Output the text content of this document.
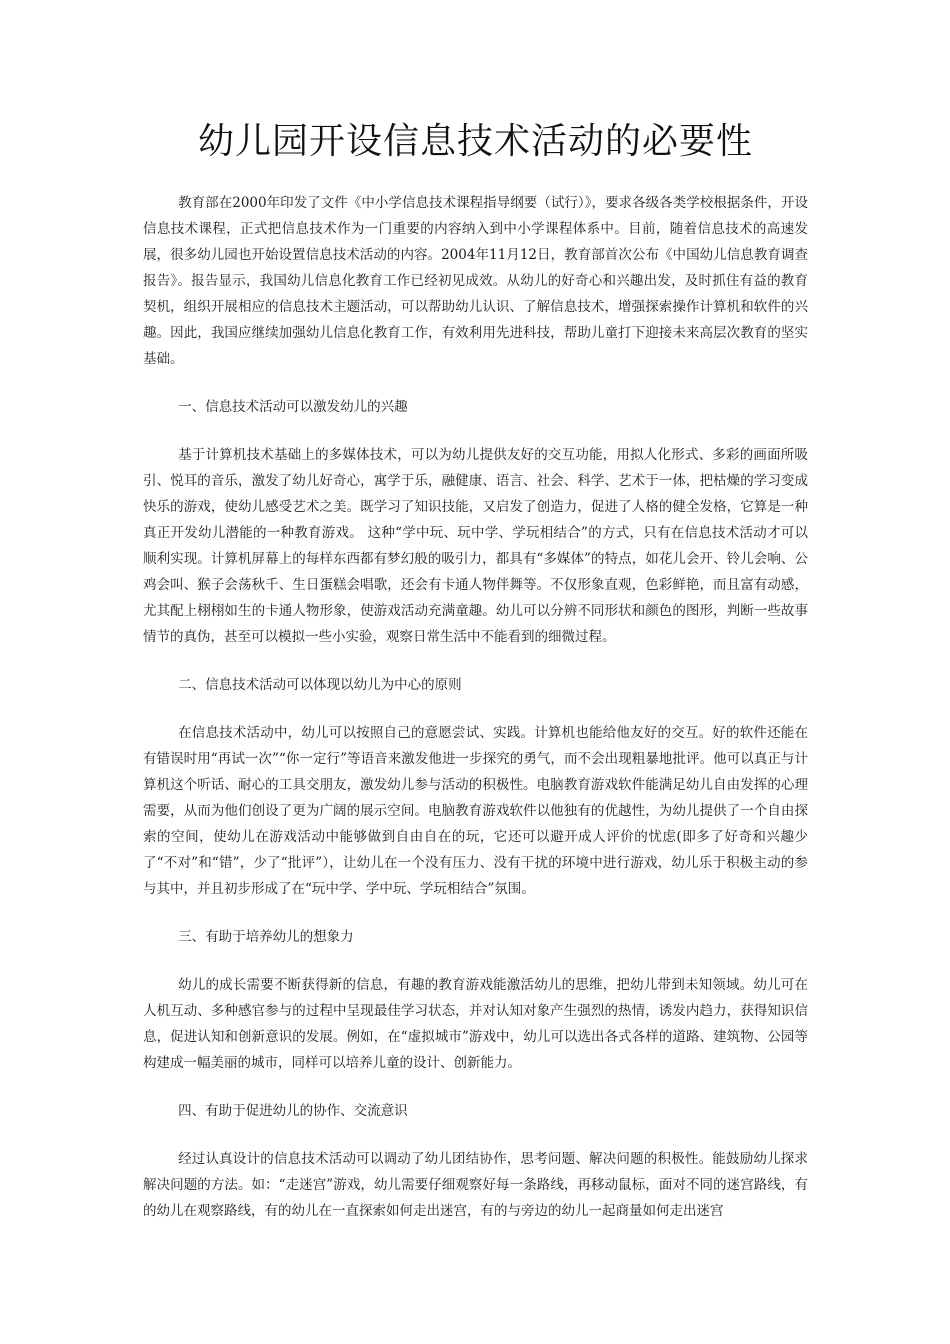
幼儿园开设信息技术活动的必要性

教育部在2000年印发了文件《中小学信息技术课程指导纲要（试行）》，要求各级各类学校根据条件，开设信息技术课程，正式把信息技术作为一门重要的内容纳入到中小学课程体系中。目前，随着信息技术的高速发展，很多幼儿园也开始设置信息技术活动的内容。2004年11月12日，教育部首次公布《中国幼儿信息教育调查报告》。报告显示，我国幼儿信息化教育工作已经初见成效。从幼儿的好奇心和兴趣出发，及时抓住有益的教育契机，组织开展相应的信息技术主题活动，可以帮助幼儿认识、了解信息技术，增强探索操作计算机和软件的兴趣。因此，我国应继续加强幼儿信息化教育工作，有效利用先进科技，帮助儿童打下迎接未来高层次教育的坚实基础。

一、信息技术活动可以激发幼儿的兴趣

基于计算机技术基础上的多媒体技术，可以为幼儿提供友好的交互功能，用拟人化形式、多彩的画面所吸引、悦耳的音乐，激发了幼儿好奇心，寓学于乐，融健康、语言、社会、科学、艺术于一体，把枯燥的学习变成快乐的游戏，使幼儿感受艺术之美。既学习了知识技能，又启发了创造力，促进了人格的健全发格，它算是一种真正开发幼儿潜能的一种教育游戏。 这种“学中玩、玩中学、学玩相结合”的方式，只有在信息技术活动才可以顺利实现。计算机屏幕上的每样东西都有梦幻般的吸引力，都具有“多媒体”的特点，如花儿会开、铃儿会响、公鸡会叫、猴子会荡秋千、生日蛋糕会唱歌，还会有卡通人物伴舞等。不仅形象直观，色彩鲜艳，而且富有动感，尤其配上栩栩如生的卡通人物形象，使游戏活动充满童趣。幼儿可以分辨不同形状和颜色的图形，判断一些故事情节的真伪，甚至可以模拟一些小实验，观察日常生活中不能看到的细微过程。

二、信息技术活动可以体现以幼儿为中心的原则

在信息技术活动中，幼儿可以按照自己的意愿尝试、实践。计算机也能给他友好的交互。好的软件还能在有错误时用“再试一次”“你一定行”等语音来激发他进一步探究的勇气，而不会出现粗暴地批评。他可以真正与计算机这个听话、耐心的工具交朋友，激发幼儿参与活动的积极性。电脑教育游戏软件能满足幼儿自由发挥的心理需要，从而为他们创设了更为广阔的展示空间。电脑教育游戏软件以他独有的优越性，为幼儿提供了一个自由探索的空间，使幼儿在游戏活动中能够做到自由自在的玩，它还可以避开成人评价的忧虑(即多了好奇和兴趣少了“不对”和“错”，少了“批评”），让幼儿在一个没有压力、没有干扰的环境中进行游戏，幼儿乐于积极主动的参与其中，并且初步形成了在“玩中学、学中玩、学玩相结合”氛围。

三、有助于培养幼儿的想象力

幼儿的成长需要不断获得新的信息，有趣的教育游戏能激活幼儿的思维，把幼儿带到未知领域。幼儿可在人机互动、多种感官参与的过程中呈现最佳学习状态，并对认知对象产生强烈的热情，诱发内趋力，获得知识信息，促进认知和创新意识的发展。例如，在“虚拟城市”游戏中，幼儿可以选出各式各样的道路、建筑物、公园等构建成一幅美丽的城市，同样可以培养儿童的设计、创新能力。

四、有助于促进幼儿的协作、交流意识

经过认真设计的信息技术活动可以调动了幼儿团结协作，思考问题、解决问题的积极性。能鼓励幼儿探求解决问题的方法。如：“走迷宫”游戏，幼儿需要仔细观察好每一条路线，再移动鼠标，面对不同的迷宫路线，有的幼儿在观察路线，有的幼儿在一直探索如何走出迷宫，有的与旁边的幼儿一起商量如何走出迷宫
